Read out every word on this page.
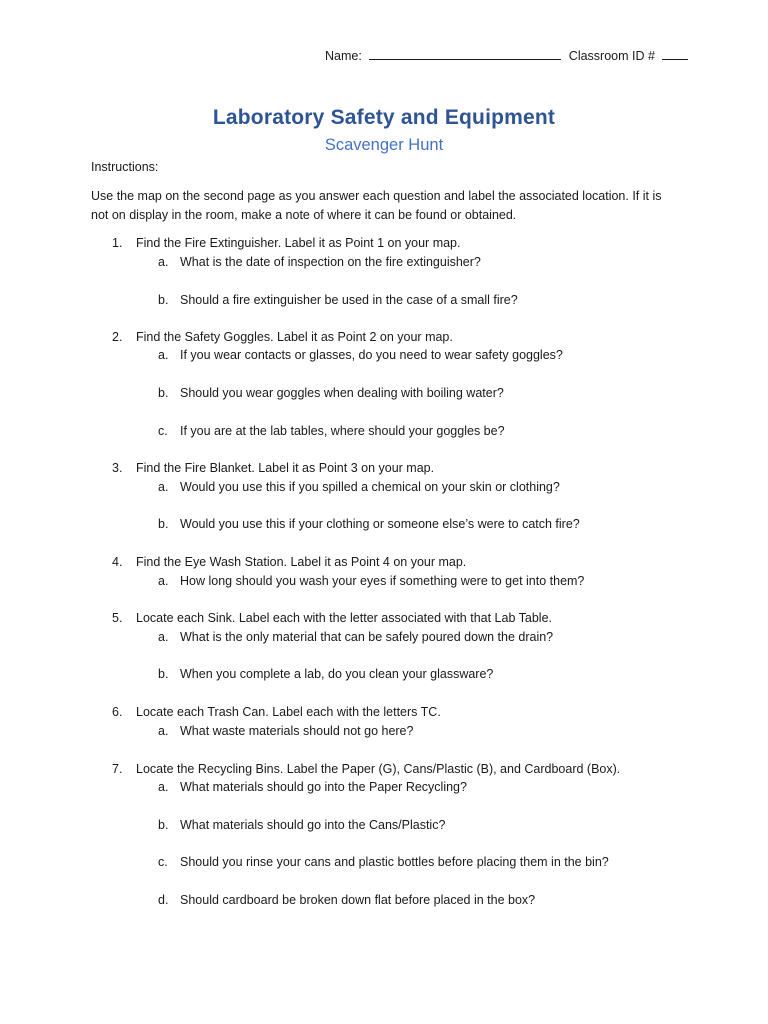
Name:	Classroom ID #
Laboratory Safety and Equipment
Scavenger Hunt
Instructions:
Use the map on the second page as you answer each question and label the associated location. If it is not on display in the room, make a note of where it can be found or obtained.
1.	Find the Fire Extinguisher. Label it as Point 1 on your map.
a. What is the date of inspection on the fire extinguisher?
b. Should a fire extinguisher be used in the case of a small fire?
2.	Find the Safety Goggles. Label it as Point 2 on your map.
a. If you wear contacts or glasses, do you need to wear safety goggles?
b. Should you wear goggles when dealing with boiling water?
c. If you are at the lab tables, where should your goggles be?
3.	Find the Fire Blanket. Label it as Point 3 on your map.
a. Would you use this if you spilled a chemical on your skin or clothing?
b. Would you use this if your clothing or someone else’s were to catch fire?
4.	Find the Eye Wash Station. Label it as Point 4 on your map.
a. How long should you wash your eyes if something were to get into them?
5.	Locate each Sink. Label each with the letter associated with that Lab Table.
a. What is the only material that can be safely poured down the drain?
b. When you complete a lab, do you clean your glassware?
6.	Locate each Trash Can. Label each with the letters TC.
a. What waste materials should not go here?
7.	Locate the Recycling Bins. Label the Paper (G), Cans/Plastic (B), and Cardboard (Box).
a. What materials should go into the Paper Recycling?
b. What materials should go into the Cans/Plastic?
c. Should you rinse your cans and plastic bottles before placing them in the bin?
d. Should cardboard be broken down flat before placed in the box?
